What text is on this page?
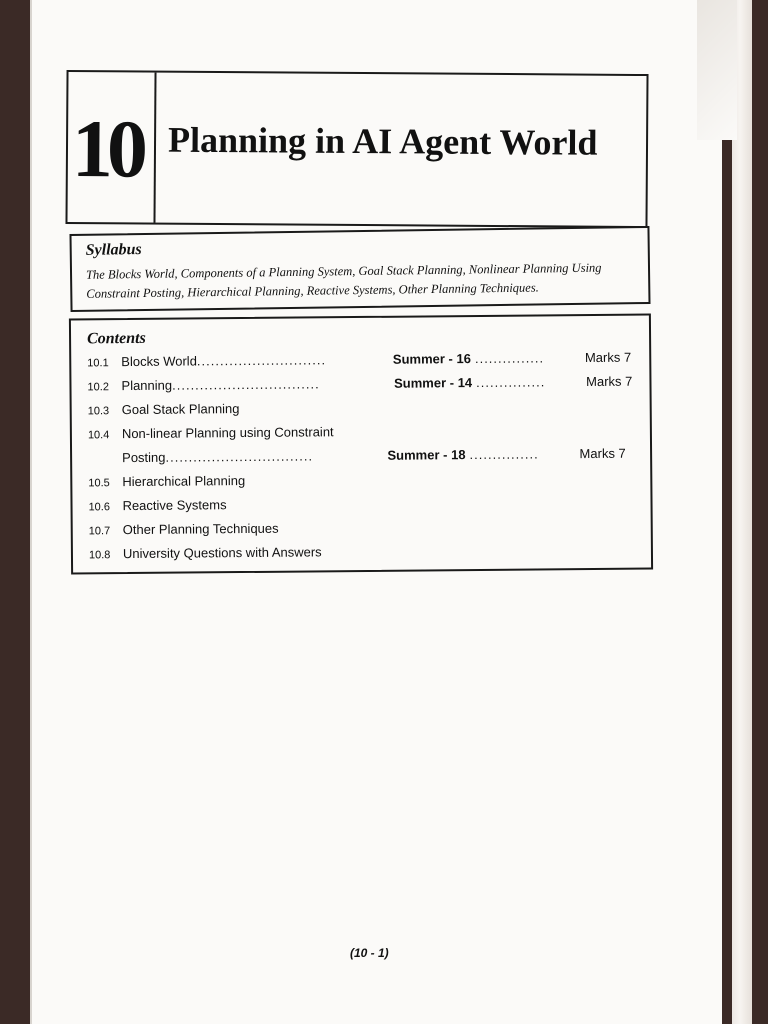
10 Planning in AI Agent World
Syllabus
The Blocks World, Components of a Planning System, Goal Stack Planning, Nonlinear Planning Using Constraint Posting, Hierarchical Planning, Reactive Systems, Other Planning Techniques.
Contents
10.1 Blocks World............................	Summer - 16 ...............	Marks 7
10.2 Planning................................	Summer - 14 ...............	Marks 7
10.3 Goal Stack Planning
10.4 Non-linear Planning using Constraint
Posting................................	Summer - 18 ...............	Marks 7
10.5 Hierarchical Planning
10.6 Reactive Systems
10.7 Other Planning Techniques
10.8 University Questions with Answers
(10 - 1)
